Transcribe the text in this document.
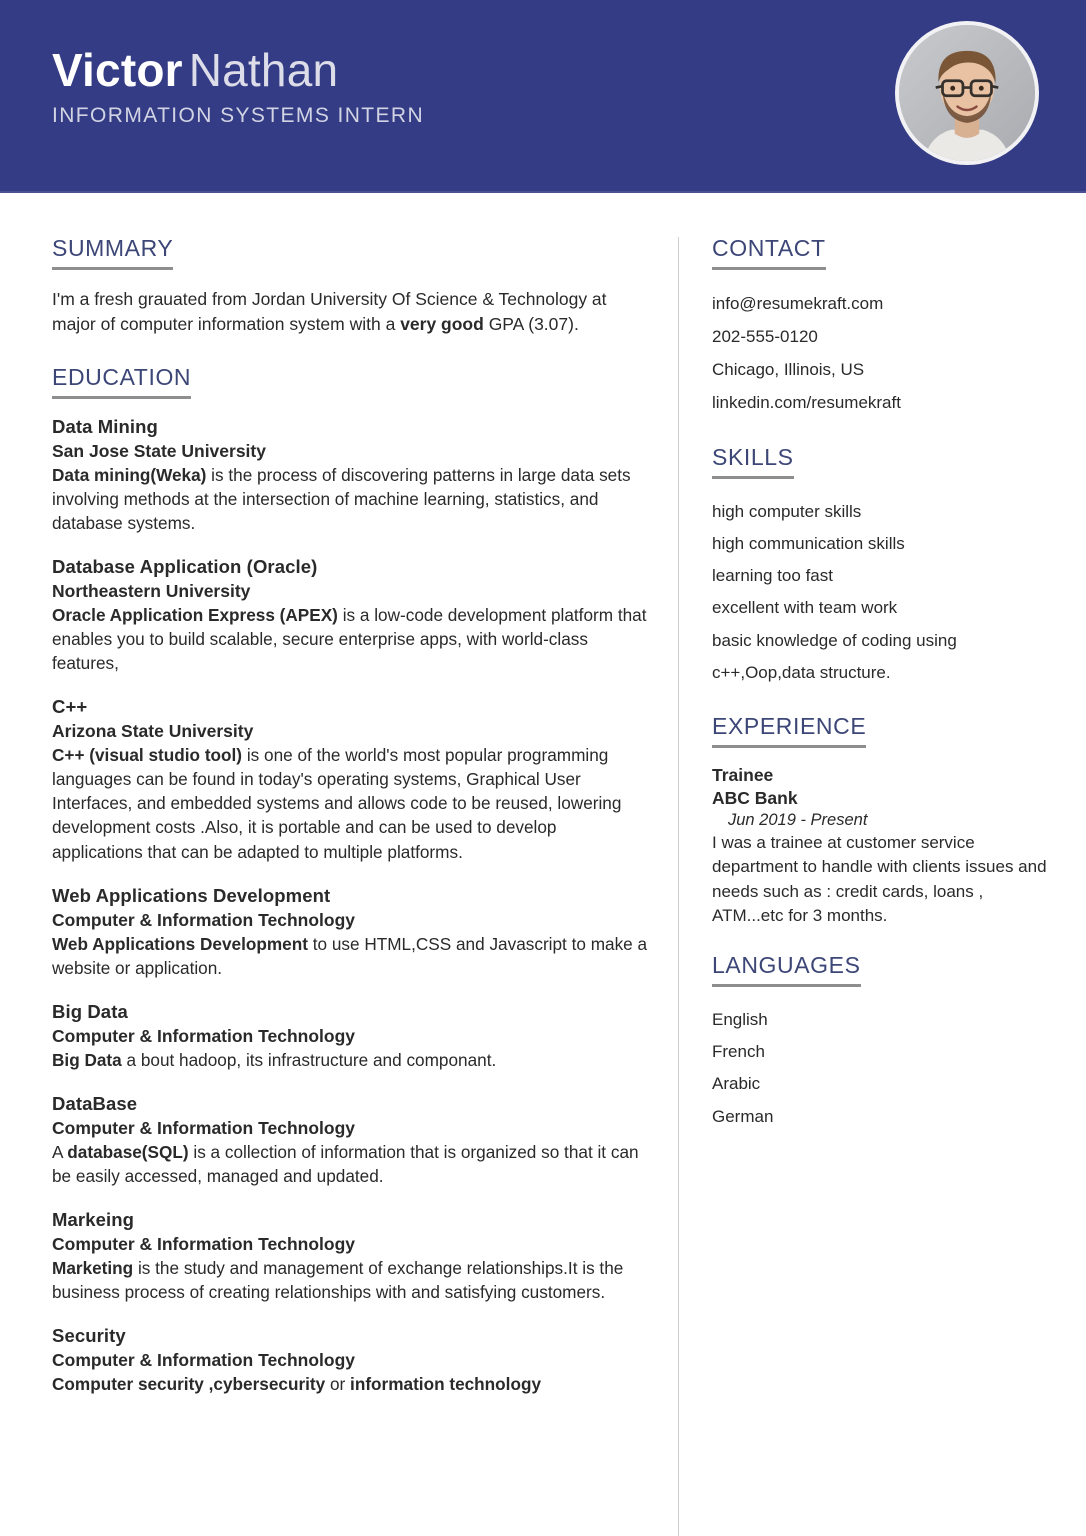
Victor Nathan
INFORMATION SYSTEMS INTERN
SUMMARY

I'm a fresh grauated from Jordan University Of Science & Technology at major of computer information system with a very good GPA (3.07).

EDUCATION
Data Mining
San Jose State University
Data mining(Weka) is the process of discovering patterns in large data sets involving methods at the intersection of machine learning, statistics, and database systems.
Database Application (Oracle)
Northeastern University
Oracle Application Express (APEX) is a low-code development platform that enables you to build scalable, secure enterprise apps, with world-class features,
C++
Arizona State University
C++ (visual studio tool) is one of the world's most popular programming languages can be found in today's operating systems, Graphical User Interfaces, and embedded systems and allows code to be reused, lowering development costs .Also, it is portable and can be used to develop applications that can be adapted to multiple platforms.
Web Applications Development
Computer & Information Technology
Web Applications Development to use HTML,CSS and Javascript to make a website or application.
Big Data
Computer & Information Technology
Big Data a bout hadoop, its infrastructure and componant.
DataBase
Computer & Information Technology
A database(SQL) is a collection of information that is organized so that it can be easily accessed, managed and updated.
Markeing
Computer & Information Technology
Marketing is the study and management of exchange relationships.It is the business process of creating relationships with and satisfying customers.
Security
Computer & Information Technology
Computer security ,cybersecurity or information technology
CONTACT
info@resumekraft.com
202-555-0120
Chicago, Illinois, US
linkedin.com/resumekraft
SKILLS
high computer skills
high communication skills
learning too fast
excellent with team work
basic knowledge of coding using c++,Oop,data structure.
EXPERIENCE
Trainee
ABC Bank
Jun 2019 - Present
I was a trainee at customer service department to handle with clients issues and needs such as : credit cards, loans , ATM...etc for 3 months.
LANGUAGES
English
French
Arabic
German
